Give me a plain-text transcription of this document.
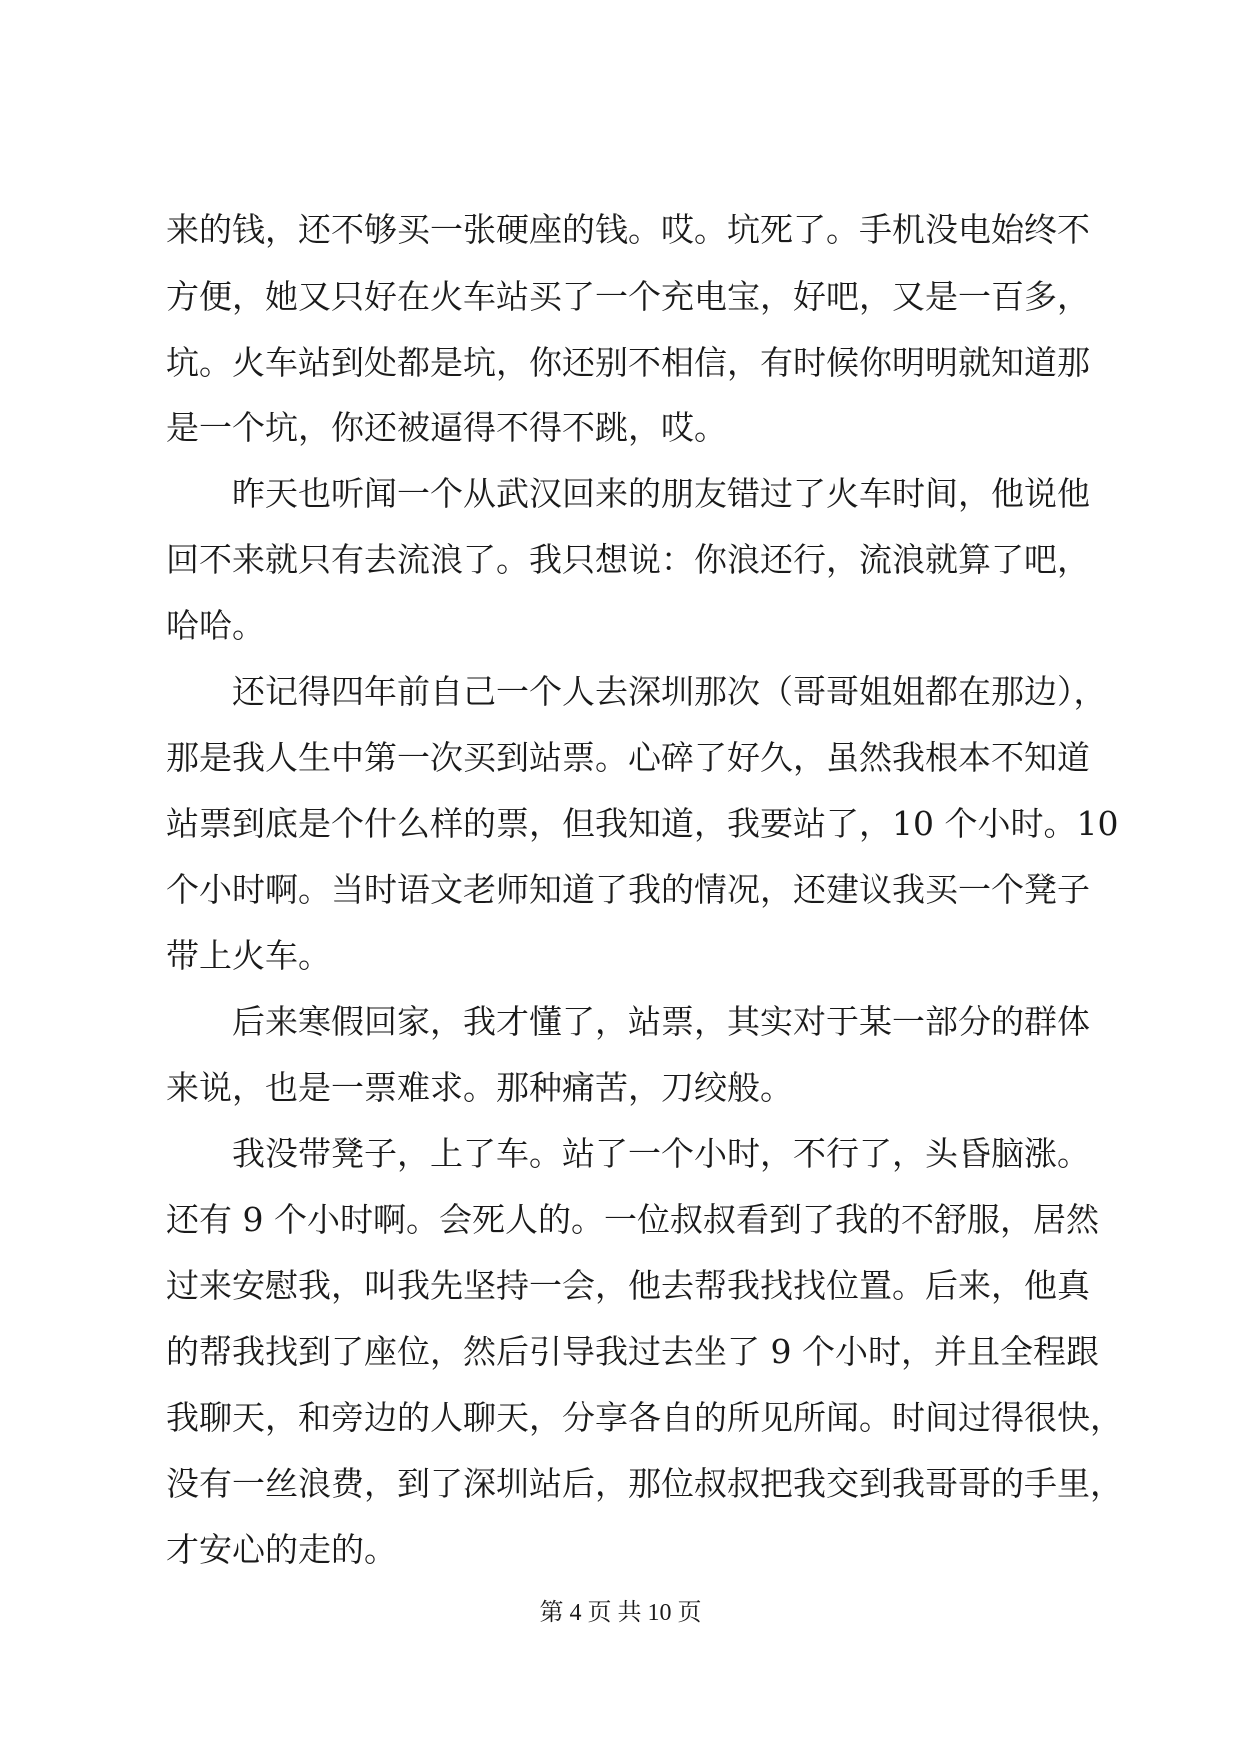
来的钱，还不够买一张硬座的钱。哎。坑死了。手机没电始终不
方便，她又只好在火车站买了一个充电宝，好吧，又是一百多，
坑。火车站到处都是坑，你还别不相信，有时候你明明就知道那
是一个坑，你还被逼得不得不跳，哎。
昨天也听闻一个从武汉回来的朋友错过了火车时间，他说他
回不来就只有去流浪了。我只想说：你浪还行，流浪就算了吧，
哈哈。
还记得四年前自己一个人去深圳那次（哥哥姐姐都在那边），
那是我人生中第一次买到站票。心碎了好久，虽然我根本不知道
站票到底是个什么样的票，但我知道，我要站了，10 个小时。10
个小时啊。当时语文老师知道了我的情况，还建议我买一个凳子
带上火车。
后来寒假回家，我才懂了，站票，其实对于某一部分的群体
来说，也是一票难求。那种痛苦，刀绞般。
我没带凳子，上了车。站了一个小时，不行了，头昏脑涨。
还有 9 个小时啊。会死人的。一位叔叔看到了我的不舒服，居然
过来安慰我，叫我先坚持一会，他去帮我找找位置。后来，他真
的帮我找到了座位，然后引导我过去坐了 9 个小时，并且全程跟
我聊天，和旁边的人聊天，分享各自的所见所闻。时间过得很快，
没有一丝浪费，到了深圳站后，那位叔叔把我交到我哥哥的手里，
才安心的走的。
第 4 页 共 10 页
